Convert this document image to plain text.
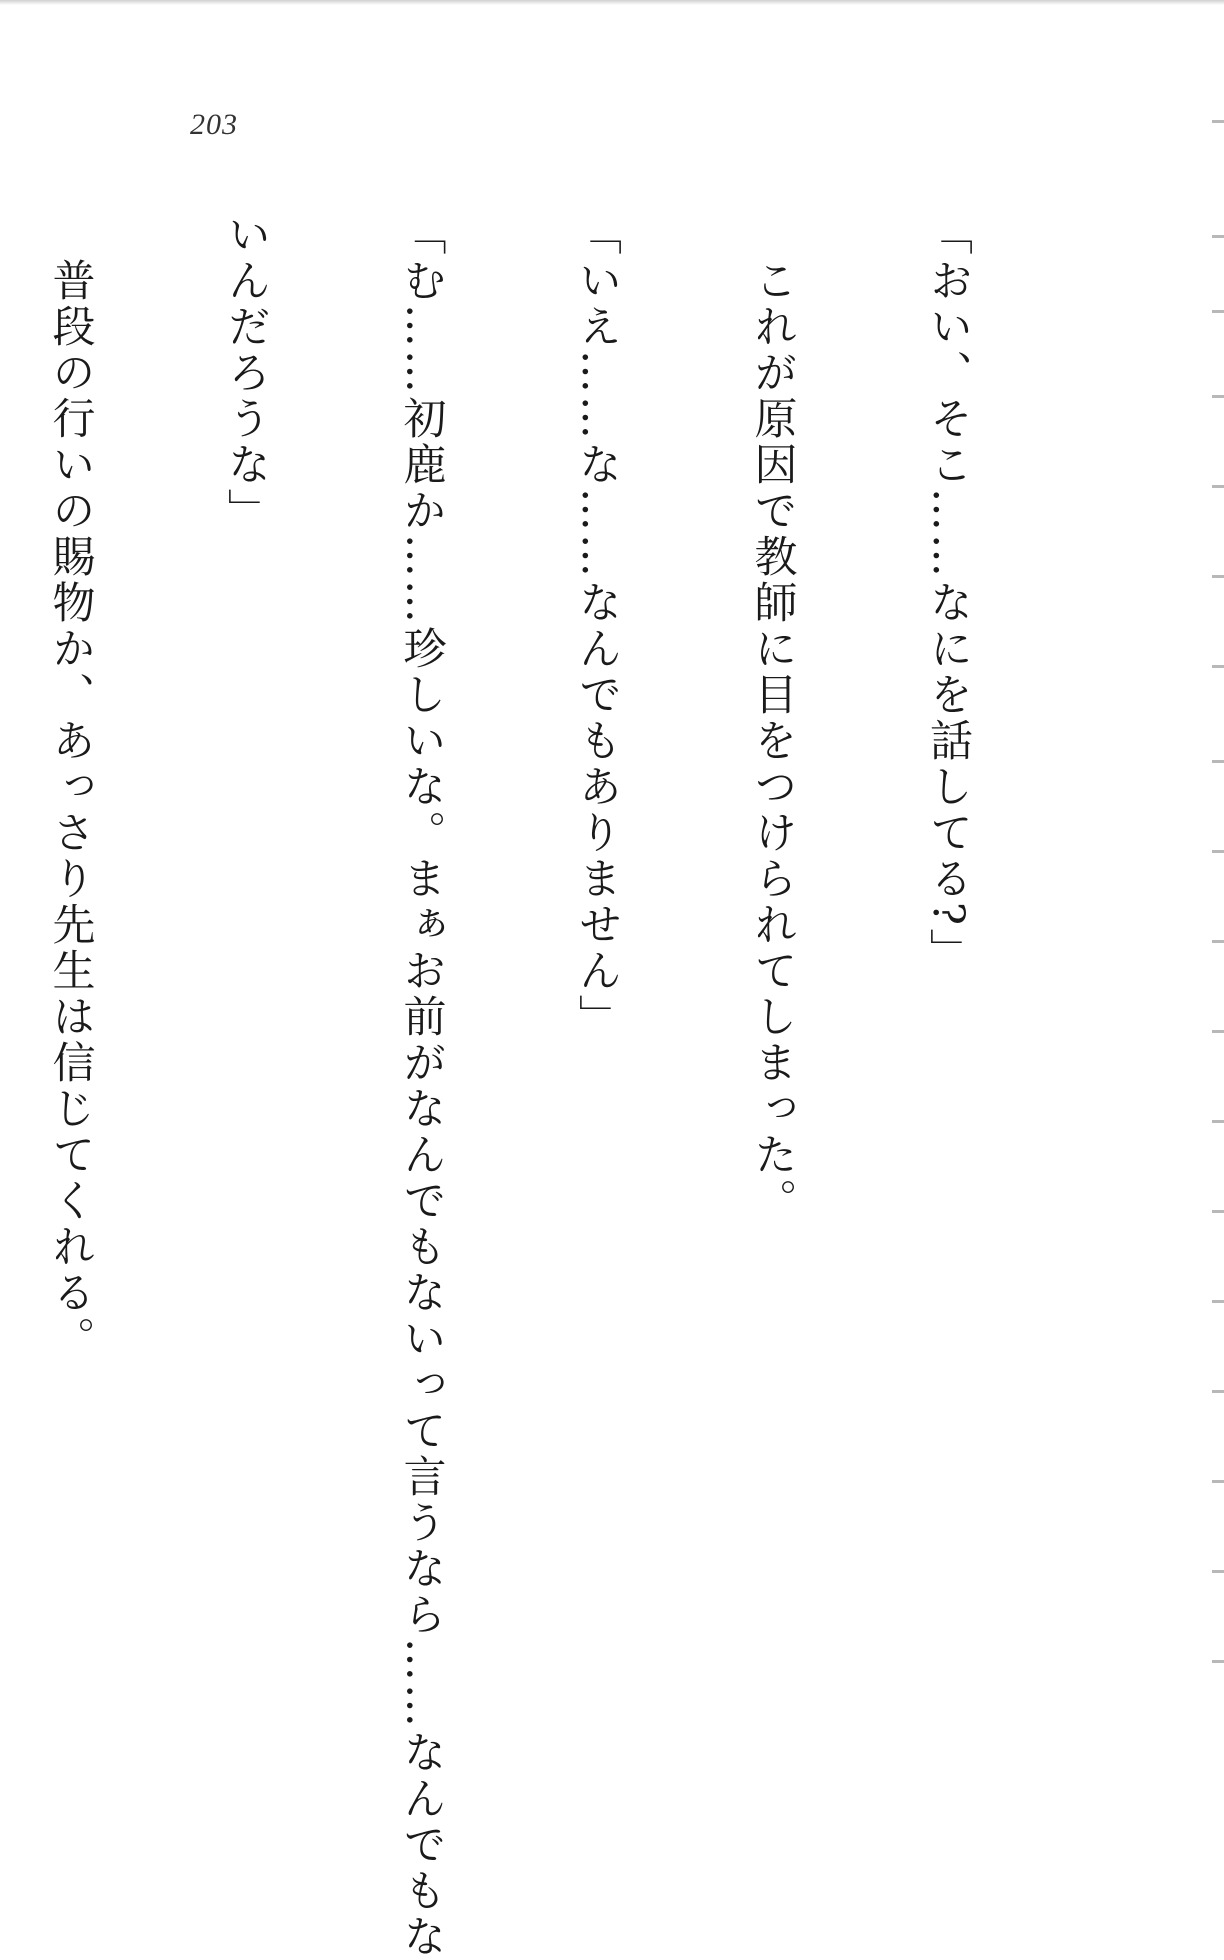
203

「おい、そこ……なにを話してる?」

　これが原因で教師に目をつけられてしまった。

「いえ……な……なんでもありません」

「む……初鹿か……珍しいな。まぁお前がなんでもないって言うなら……なんでもな

いんだろうな」

　普段の行いの賜物か、あっさり先生は信じてくれる。
